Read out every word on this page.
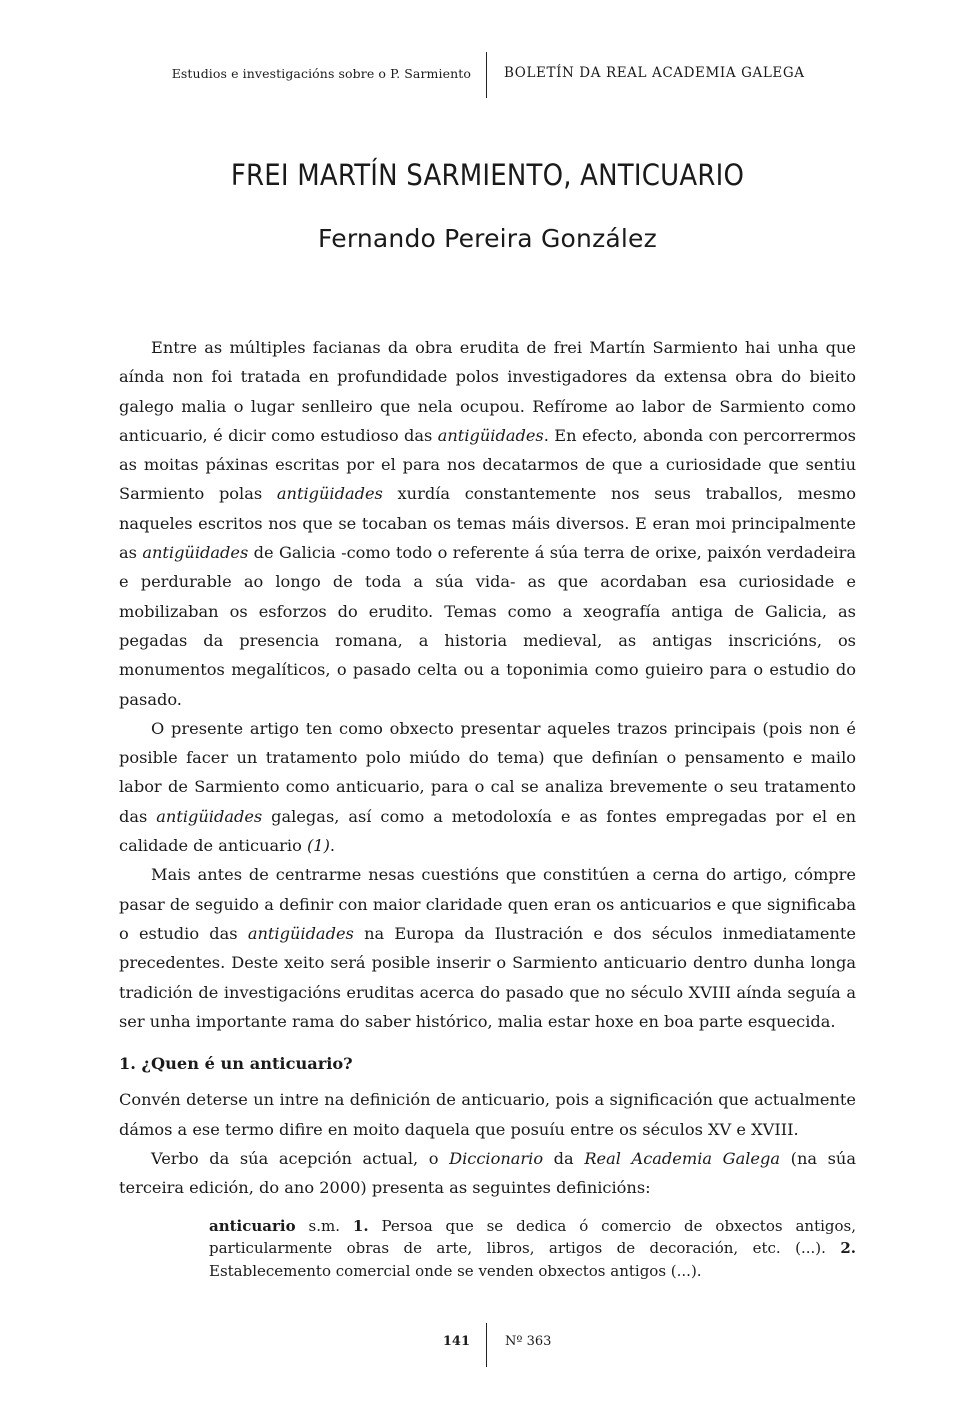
Estudios e investigacións sobre o P. Sarmiento BOLETÍN DA REAL ACADEMIA GALEGA
FREI MARTÍN SARMIENTO, ANTICUARIO
Fernando Pereira González

Entre as múltiples facianas da obra erudita de frei Martín Sarmiento hai unha que aínda non foi tratada en profundidade polos investigadores da extensa obra do bieito galego malia o lugar senlleiro que nela ocupou. Refírome ao labor de Sarmiento como anticuario, é dicir como estudioso das antigüidades. En efecto, abonda con percorrermos as moitas páxinas escritas por el para nos decatarmos de que a curiosidade que sentiu Sarmiento polas antigüidades xurdía constantemente nos seus traballos, mesmo naqueles escritos nos que se tocaban os temas máis diversos. E eran moi principalmente as antigüidades de Galicia -como todo o referente á súa terra de orixe, paixón verdadeira e perdurable ao longo de toda a súa vida- as que acordaban esa curiosidade e mobilizaban os esforzos do erudito. Temas como a xeografía antiga de Galicia, as pegadas da presencia romana, a historia medieval, as antigas inscricións, os monumentos megalíticos, o pasado celta ou a toponimia como guieiro para o estudio do pasado.

O presente artigo ten como obxecto presentar aqueles trazos principais (pois non é posible facer un tratamento polo miúdo do tema) que definían o pensamento e mailo labor de Sarmiento como anticuario, para o cal se analiza brevemente o seu tratamento das antigüidades galegas, así como a metodoloxía e as fontes empregadas por el en calidade de anticuario (1).

Mais antes de centrarme nesas cuestións que constitúen a cerna do artigo, cómpre pasar de seguido a definir con maior claridade quen eran os anticuarios e que significaba o estudio das antigüidades na Europa da Ilustración e dos séculos inmediatamente precedentes. Deste xeito será posible inserir o Sarmiento anticuario dentro dunha longa tradición de investigacións eruditas acerca do pasado que no século XVIII aínda seguía a ser unha importante rama do saber histórico, malia estar hoxe en boa parte esquecida.

1. ¿Quen é un anticuario?

Convén deterse un intre na definición de anticuario, pois a significación que actualmente dámos a ese termo difire en moito daquela que posuíu entre os séculos XV e XVIII.

Verbo da súa acepción actual, o Diccionario da Real Academia Galega (na súa terceira edición, do ano 2000) presenta as seguintes definicións:

anticuario s.m. 1. Persoa que se dedica ó comercio de obxectos antigos, particularmente obras de arte, libros, artigos de decoración, etc. (...). 2. Establecemento comercial onde se venden obxectos antigos (...).
141	Nº 363
